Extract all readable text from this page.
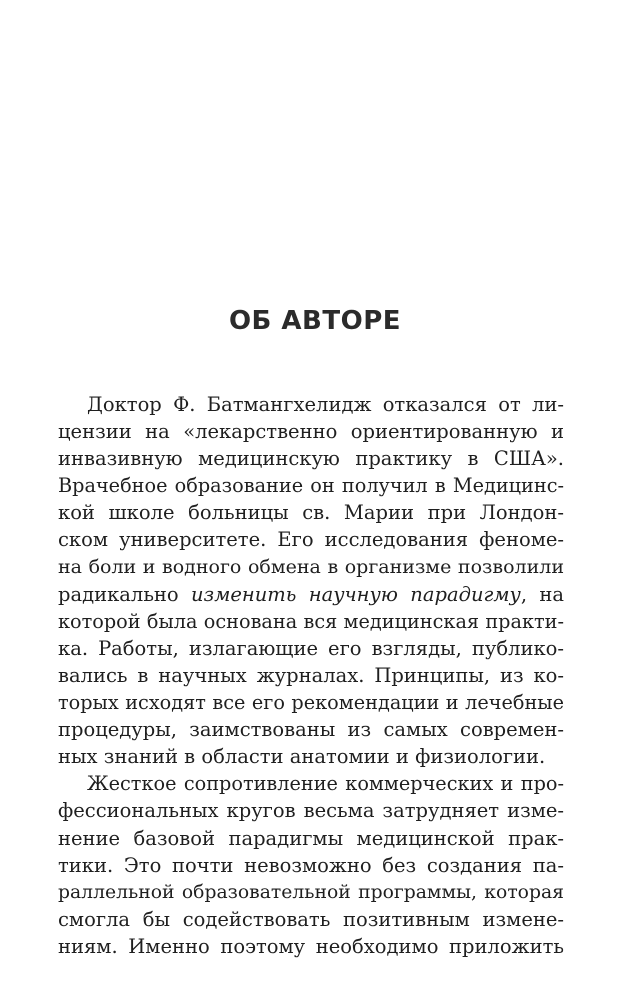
ОБ АВТОРЕ
Доктор Ф. Батмангхелидж отказался от ли-
цензии на «лекарственно ориентированную и
инвазивную медицинскую практику в США».
Врачебное образование он получил в Медицинс-
кой школе больницы св. Марии при Лондон-
ском университете. Его исследования феноме-
на боли и водного обмена в организме позволили
радикально изменить научную парадигму, на
которой была основана вся медицинская практи-
ка. Работы, излагающие его взгляды, публико-
вались в научных журналах. Принципы, из ко-
торых исходят все его рекомендации и лечебные
процедуры, заимствованы из самых современ-
ных знаний в области анатомии и физиологии.
Жесткое сопротивление коммерческих и про-
фессиональных кругов весьма затрудняет изме-
нение базовой парадигмы медицинской прак-
тики. Это почти невозможно без создания па-
раллельной образовательной программы, которая
смогла бы содействовать позитивным измене-
ниям. Именно поэтому необходимо приложить
